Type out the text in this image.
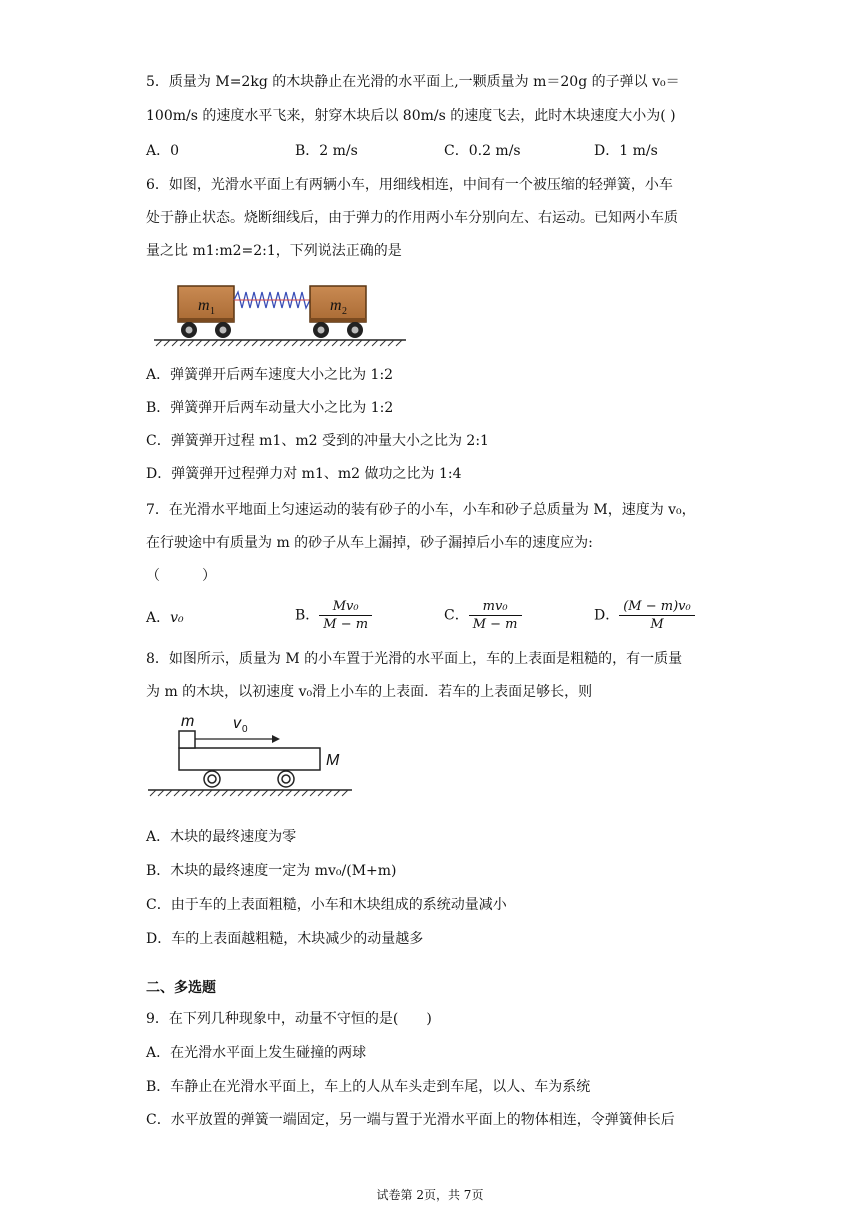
5．质量为 M=2kg 的木块静止在光滑的水平面上,一颗质量为 m＝20g 的子弹以 v₀＝
100m/s 的速度水平飞来，射穿木块后以 80m/s 的速度飞去，此时木块速度大小为( )
A．0	B．2 m/s	C．0.2 m/s	D．1 m/s
6．如图，光滑水平面上有两辆小车，用细线相连，中间有一个被压缩的轻弹簧，小车
处于静止状态。烧断细线后，由于弹力的作用两小车分别向左、右运动。已知两小车质
量之比 m1:m2=2:1，下列说法正确的是
m 1	m 2
A．弹簧弹开后两车速度大小之比为 1:2
B．弹簧弹开后两车动量大小之比为 1:2
C．弹簧弹开过程 m1、m2 受到的冲量大小之比为 2:1
D．弹簧弹开过程弹力对 m1、m2 做功之比为 1:4
7．在光滑水平地面上匀速运动的装有砂子的小车，小车和砂子总质量为 M，速度为 v₀，
在行驶途中有质量为 m 的砂子从车上漏掉，砂子漏掉后小车的速度应为:
（　　　）
A．v₀	B． $\frac{\text{Mv₀}}{M - m}$	C． $\frac{\text{mv₀}}{M - m}$	D． $\frac{\text{(M − m)v₀}}{M}$
8．如图所示，质量为 M 的小车置于光滑的水平面上，车的上表面是粗糙的，有一质量
为 m 的木块，以初速度 v₀滑上小车的上表面．若车的上表面足够长，则
m v 0
M
A．木块的最终速度为零
B．木块的最终速度一定为 mv₀/(M+m)
C．由于车的上表面粗糙，小车和木块组成的系统动量减小
D．车的上表面越粗糙，木块减少的动量越多
二、多选题
9．在下列几种现象中，动量不守恒的是(　　)
A．在光滑水平面上发生碰撞的两球
B．车静止在光滑水平面上，车上的人从车头走到车尾，以人、车为系统
C．水平放置的弹簧一端固定，另一端与置于光滑水平面上的物体相连，令弹簧伸长后
试卷第 2页，共 7页
